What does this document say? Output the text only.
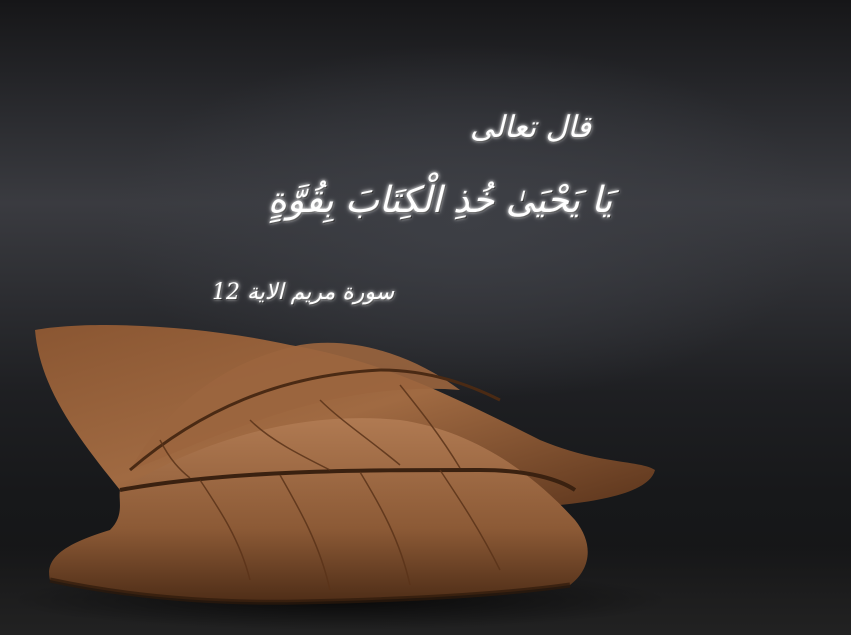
قال تعالى
يَا يَحْيَىٰ خُذِ الْكِتَابَ بِقُوَّةٍ
سورة مريم الاية 12
